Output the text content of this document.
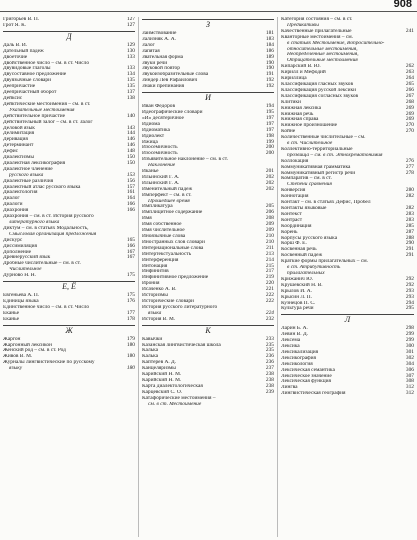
908
Григорьев В. П.	127
Грот Я. К.	127
Д
Даль В. И.	129
Дательный падеж	130
Двоеточие	133
Двойственное число – см. в ст. Число
Двувидовые глаголы	133
Двусоставное предложение	134
Двуязычные словари	135
Деепричастие	135
Деепричастный оборот	137
Дейксис	138
Дейктические местоимения – см. в ст.
Указательные местоимения
Действительное причастие	140
Действительный залог – см. в ст. Залог
Деловой язык	143
Делимитация	144
Деривация	146
Детерминант	146
Дефис	148
Диалектизмы	150
Диалектная лексикография	150
Диалектное членение
русского языка	153
Диалектные различия	156
Диалектный атлас русского языка	157
Диалектология	161
Диалог	164
Диалоги	166
Диахрония	166
Диахрония – см. в ст. История русского
литературного языка
Диктум – см. в статьях Модальность,
Смысловая организация предложения
Дискурс	165
Диссимиляция	166
Дополнение	167
Древнерусский язык	167
Дробные числительные – см. в ст.
Числительное
Дурново Н. Н.	175
Е, Ё
Евгеньева А. П.	175
Единицы языка	176
Единственное число – см. в ст. Число
Ёканье	177
Ёканье	178
Ж
Жаргон	179
Жаргонный лексикон	180
Женский род – см. в ст. Род
Живов В. М.	180
Журналы лингвистические по русскому
языку	180
З
Заимствование	181
Зализняк А. А.	183
Залог	184
Запятая	186
Звательная форма	189
Звуки речи	190
Звуковой повтор	190
Звукоизобразительные слова	191
Зиндер Лев Рафаилович	192
Знаки препинания	192
И
Иван Фёдоров	194
Идеографические словари	195
«И» десятеричное	197
Идиома	197
Идиоматика	197
Идиолект	198
Ижица	199
Изосемичность	200
Изосемичность	200
Изъявительное наклонение – см. в ст.
Наклонение
Иканье	201
Ильинский Г. А.	202
Ильинский Г. А.	202
Именительный падеж	202
Имперфект – см. в ст.
Прошедшее время
Импликатура	205
Имплицитное содержание	206
Имя	208
Имя собственное	209
Имя числительное	209
Иноязычные слова	210
Иностранных слов словари	210
Интернациональные слова	211
Интертекстуальность	213
Интерференция	214
Интонация	215
Инфинитив	217
Инфинитивное предложение	219
Ирония	220
Исаченко А. В.	221
Историзмы	222
Исторические словари	222
История русского литературного
языка	224
История В. М.	232
К
Кавычки	233
Казанская лингвистическая школа	235
Калька	235
Калька	236
Каптерев А. Д.	236
Канцеляризмы	237
Карийский Н. М.	238
Карийский Н. М.	238
Карта диалектологическая	238
Карцевский С. О.	239
Катафорические местоимения –
см. в ст. Местоимение
Категория состояния – см. в ст.
Предикативы
Качественные прилагательные	241
Кванторные местоимения – см.
в статьях Местоимение, Вопросительно-
относительные местоимения,
Неопределённые местоимения,
Отрицательные местоимения
Кипарский В. Ю.	262
Кирилл и Мефодий	263
Кириллица	264
Классификация гласных звуков	265
Классификация русской лексики	266
Классификация согласных звуков	267
Клитики	268
Книжная лексика	269
Книжная речь	269
Книжная справа	269
Книжное произношение	270
Койне	270
Количественные числительные – см.
в ст. Числительное
Коллективно-территориальные
прозвища – см. в ст. Этнохрематонимия
Коллокация	276
Коммуникативная грамматика	277
Коммуникативный регистр речи	278
Компаратив – см. в ст.
Степени сравнения
Конверсия	280
Коннотация	282
Контакт – см. в статьях Дефис, Пробел
Контакты языковые	282
Контекст	283
Контраст	283
Координация	285
Корень	287
Корпусы русского языка	288
Корш Ф. Е.	290
Косвенная речь	291
Косвенный падеж	291
Краткие формы прилагательных – см.
в ст. Атрибутивность
прилагательных
Крижанич Ю.	292
Крушевский Н. В.	292
Крылов И. А.	293
Крысин Л. П.	293
Кузнецов П. С.	294
Культура речи	295
Л
Ларин Б. А.	298
Левин В. Д.	299
Лексема	299
Лексика	300
Лексикализация	301
Лексикография	302
Лексикология	304
Лексическая семантика	306
Лексическое значение	307
Лексическая функция	308
Лингва	312
Лингвистическая география	312
